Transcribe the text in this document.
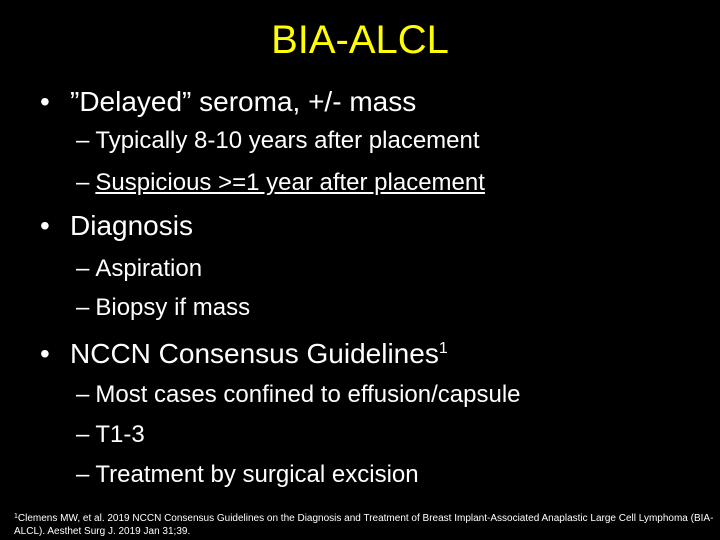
BIA-ALCL
• ”Delayed” seroma, +/- mass
– Typically 8-10 years after placement
– Suspicious >=1 year after placement
• Diagnosis
– Aspiration
– Biopsy if mass
• NCCN Consensus Guidelines$^1$
– Most cases confined to effusion/capsule
– T1-3
– Treatment by surgical excision
$^1$Clemens MW, et al. 2019 NCCN Consensus Guidelines on the Diagnosis and Treatment of Breast Implant-Associated Anaplastic Large Cell Lymphoma (BIA-ALCL). Aesthet Surg J. 2019 Jan 31;39.
